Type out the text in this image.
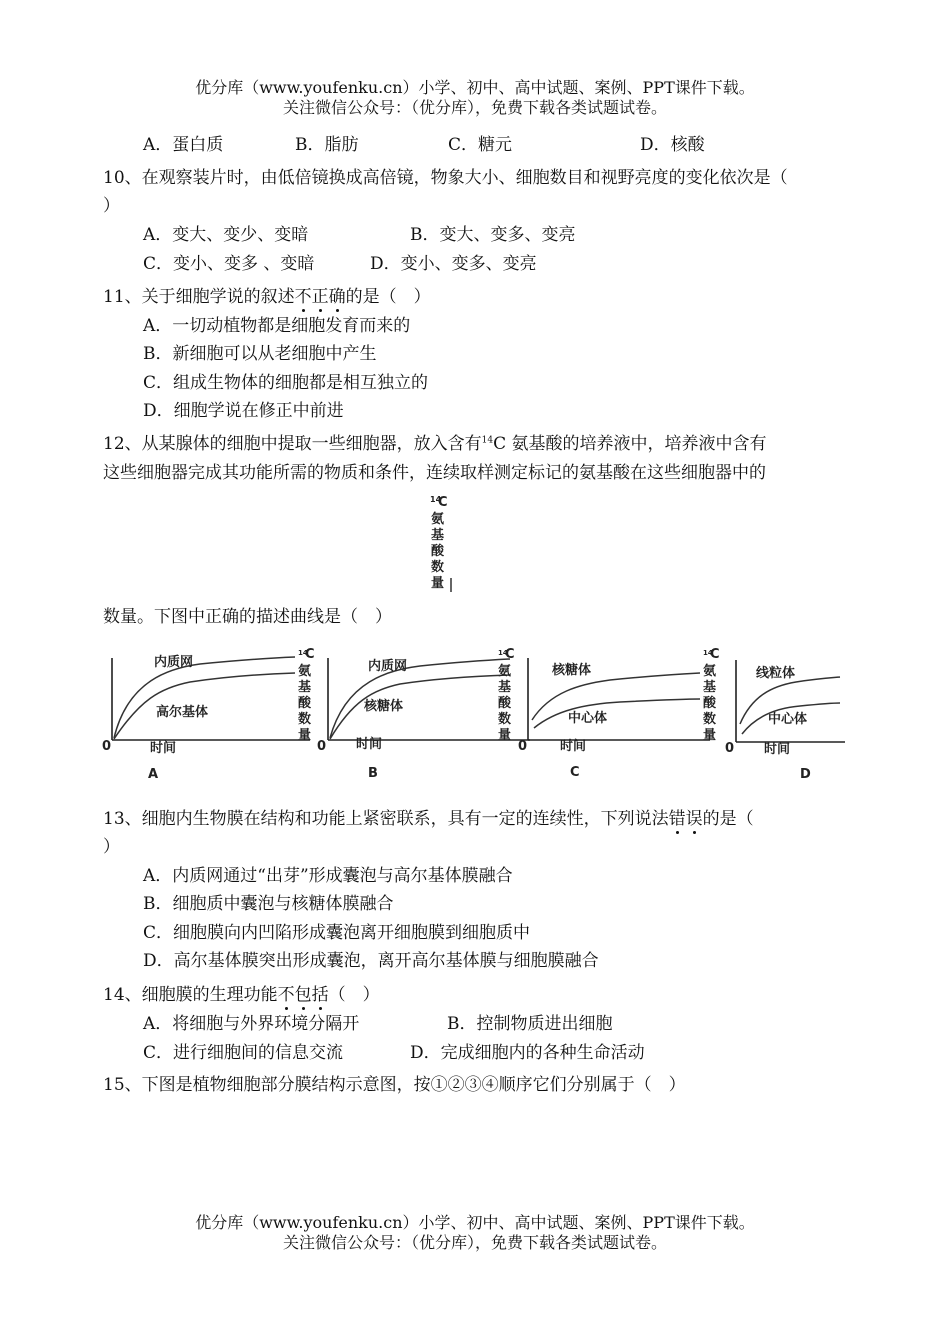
优分库（www.youfenku.cn）小学、初中、高中试题、案例、PPT课件下载。
关注微信公众号：（优分库），免费下载各类试题试卷。
A．蛋白质	B．脂肪	C．糖元	D．核酸
10、在观察装片时，由低倍镜换成高倍镜，物象大小、细胞数目和视野亮度的变化依次是（
）
A．变大、变少、变暗	B．变大、变多、变亮
C．变小、变多 、变暗	D．变小、变多、变亮
11、关于细胞学说的叙述不正确的是（　）
A．一切动植物都是细胞发育而来的
B．新细胞可以从老细胞中产生
C．组成生物体的细胞都是相互独立的
D．细胞学说在修正中前进
12、从某腺体的细胞中提取一些细胞器，放入含有$^{14}$C 氨基酸的培养液中，培养液中含有
这些细胞器完成其功能所需的物质和条件，连续取样测定标记的氨基酸在这些细胞器中的
14
C
氨
基
酸
数
量
数量。下图中正确的描述曲线是（　）
0	时间
内质网
高尔基体
A
14
C
氨
基
酸
数
量
0 时间
内质网
核糖体
B
14
C
氨
基
酸
数
量
0	时间
核糖体
中心体
C
14
C
氨
基
酸
数
量
0 时间
线粒体
中心体
D
13、细胞内生物膜在结构和功能上紧密联系，具有一定的连续性，下列说法错误的是（
）
A．内质网通过“出芽”形成囊泡与高尔基体膜融合
B．细胞质中囊泡与核糖体膜融合
C．细胞膜向内凹陷形成囊泡离开细胞膜到细胞质中
D．高尔基体膜突出形成囊泡，离开高尔基体膜与细胞膜融合
14、细胞膜的生理功能不包括（　）
A．将细胞与外界环境分隔开	B．控制物质进出细胞
C．进行细胞间的信息交流	D．完成细胞内的各种生命活动
15、下图是植物细胞部分膜结构示意图，按①②③④顺序它们分别属于（　）
优分库（www.youfenku.cn）小学、初中、高中试题、案例、PPT课件下载。
关注微信公众号：（优分库），免费下载各类试题试卷。
